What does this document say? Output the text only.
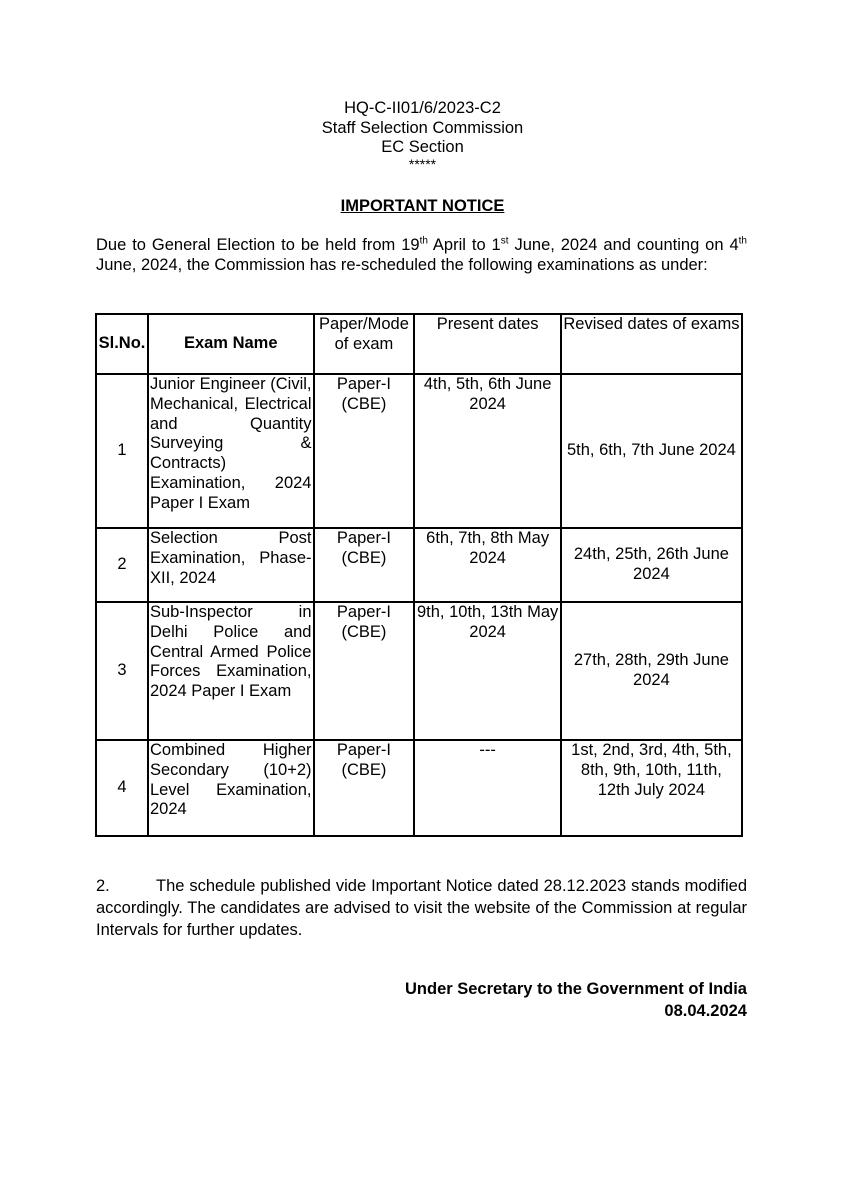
HQ-C-II01/6/2023-C2
Staff Selection Commission
EC Section
*****
IMPORTANT NOTICE
Due to General Election to be held from 19th April to 1st June, 2024 and counting on 4th June, 2024, the Commission has re-scheduled the following examinations as under:
Sl.No.	Exam Name	Paper/Mode of exam	Present dates	Revised dates of exams
1	Junior Engineer (Civil, Mechanical, Electrical and Quantity Surveying & Contracts) Examination, 2024 Paper I Exam	Paper-I (CBE)	4th, 5th, 6th June 2024	5th, 6th, 7th June 2024
2	Selection Post Examination, Phase-XII, 2024	Paper-I (CBE)	6th, 7th, 8th May 2024	24th, 25th, 26th June 2024
3	Sub-Inspector in Delhi Police and Central Armed Police Forces Examination, 2024 Paper I Exam	Paper-I (CBE)	9th, 10th, 13th May 2024	27th, 28th, 29th June 2024
4	Combined Higher Secondary (10+2) Level Examination, 2024	Paper-I (CBE)	---	1st, 2nd, 3rd, 4th, 5th, 8th, 9th, 10th, 11th, 12th July 2024
2.	The schedule published vide Important Notice dated 28.12.2023 stands modified accordingly. The candidates are advised to visit the website of the Commission at regular Intervals for further updates.
Under Secretary to the Government of India
08.04.2024
